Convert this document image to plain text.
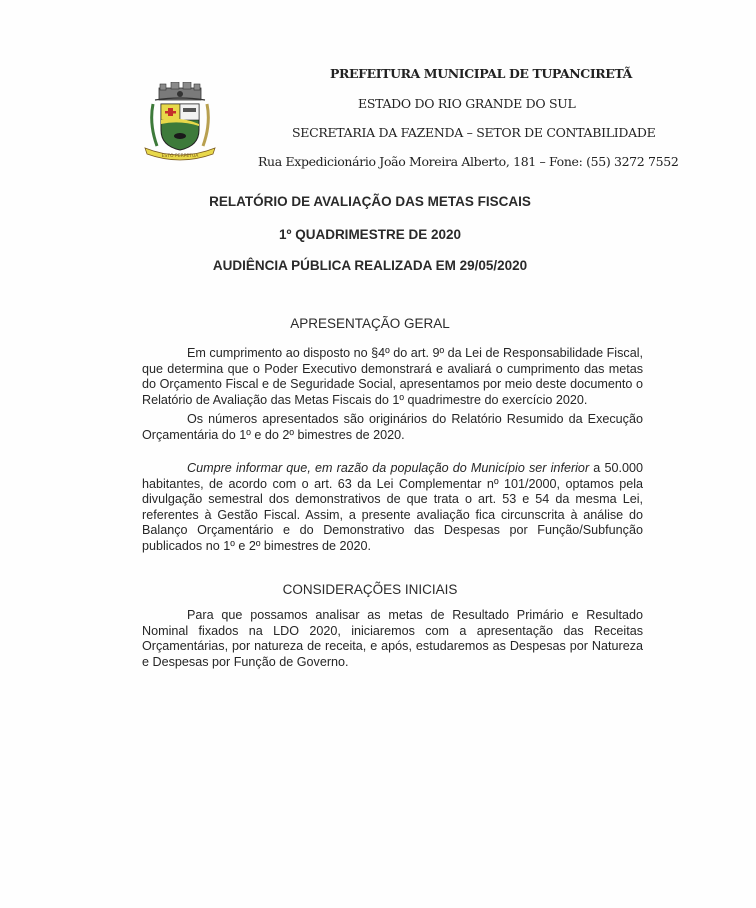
ESTO PERPETUA
PREFEITURA MUNICIPAL DE TUPANCIRETÃ
ESTADO DO RIO GRANDE DO SUL
SECRETARIA DA FAZENDA – SETOR DE CONTABILIDADE
Rua Expedicionário João Moreira Alberto, 181 – Fone: (55) 3272 7552
RELATÓRIO DE AVALIAÇÃO DAS METAS FISCAIS
1º QUADRIMESTRE DE 2020
AUDIÊNCIA PÚBLICA REALIZADA EM 29/05/2020
APRESENTAÇÃO GERAL

Em cumprimento ao disposto no §4º do art. 9º da Lei de Responsabilidade Fiscal, que determina que o Poder Executivo demonstrará e avaliará o cumprimento das metas do Orçamento Fiscal e de Seguridade Social, apresentamos por meio deste documento o Relatório de Avaliação das Metas Fiscais do 1º quadrimestre do exercício 2020.

Os números apresentados são originários do Relatório Resumido da Execução Orçamentária do 1º e do 2º bimestres de 2020.

Cumpre informar que, em razão da população do Município ser inferior a 50.000 habitantes, de acordo com o art. 63 da Lei Complementar nº 101/2000, optamos pela divulgação semestral dos demonstrativos de que trata o art. 53 e 54 da mesma Lei, referentes à Gestão Fiscal. Assim, a presente avaliação fica circunscrita à análise do Balanço Orçamentário e do Demonstrativo das Despesas por Função/Subfunção publicados no 1º e 2º bimestres de 2020.

CONSIDERAÇÕES INICIAIS

Para que possamos analisar as metas de Resultado Primário e Resultado Nominal fixados na LDO 2020, iniciaremos com a apresentação das Receitas Orçamentárias, por natureza de receita, e após, estudaremos as Despesas por Natureza e Despesas por Função de Governo.
